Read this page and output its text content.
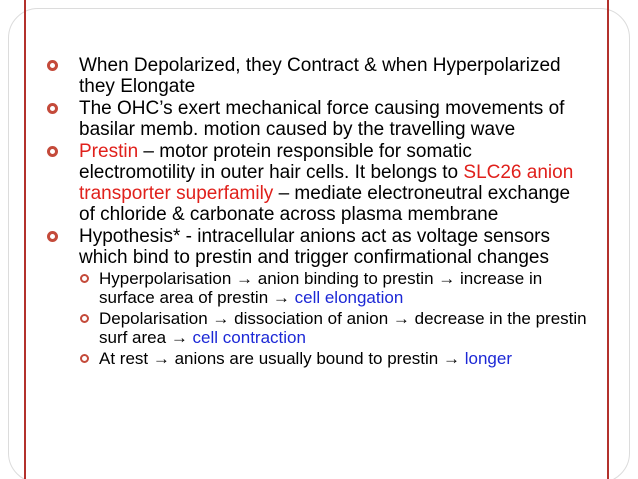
When Depolarized, they Contract & when Hyperpolarized they Elongate
The OHC’s exert mechanical force causing movements of basilar memb. motion caused by the travelling wave
Prestin – motor protein responsible for somatic electromotility in outer hair cells. It belongs to SLC26 anion transporter superfamily – mediate electroneutral exchange of chloride & carbonate across plasma membrane
Hypothesis* - intracellular anions act as voltage sensors which bind to prestin and trigger confirmational changes
Hyperpolarisation → anion binding to prestin → increase in surface area of prestin → cell elongation
Depolarisation → dissociation of anion → decrease in the prestin surf area → cell contraction
At rest → anions are usually bound to prestin → longer
